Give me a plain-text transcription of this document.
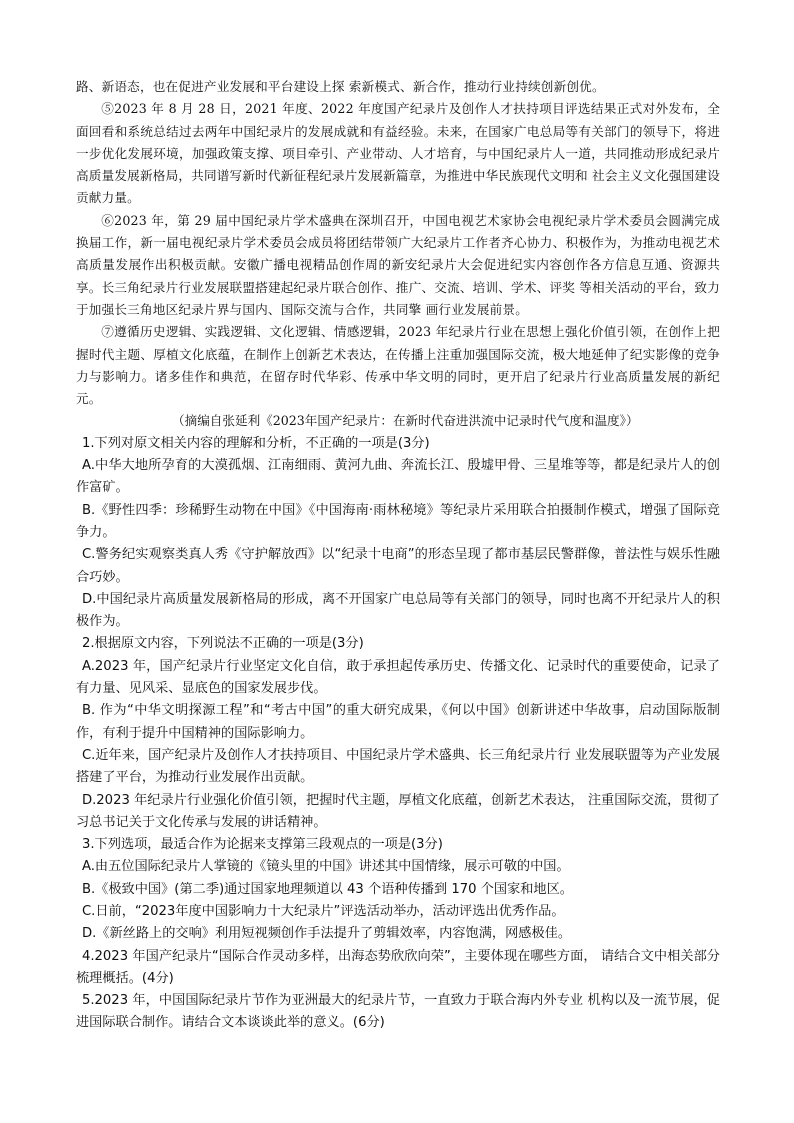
路、新语态，也在促进产业发展和平台建设上探 索新模式、新合作，推动行业持续创新创优。

⑤2023 年 8 月 28 日，2021 年度、2022 年度国产纪录片及创作人才扶持项目评选结果正式对外发布，全面回看和系统总结过去两年中国纪录片的发展成就和有益经验。未来，在国家广电总局等有关部门的领导下，将进一步优化发展环境，加强政策支撑、项目牵引、产业带动、人才培育，与中国纪录片人一道，共同推动形成纪录片高质量发展新格局，共同谱写新时代新征程纪录片发展新篇章，为推进中华民族现代文明和 社会主义文化强国建设贡献力量。

⑥2023 年，第 29 届中国纪录片学术盛典在深圳召开，中国电视艺术家协会电视纪录片学术委员会圆满完成换届工作，新一届电视纪录片学术委员会成员将团结带领广大纪录片工作者齐心协力、积极作为，为推动电视艺术高质量发展作出积极贡献。安徽广播电视精品创作周的新安纪录片大会促进纪实内容创作各方信息互通、资源共享。长三角纪录片行业发展联盟搭建起纪录片联合创作、推广、交流、培训、学术、评奖 等相关活动的平台，致力于加强长三角地区纪录片界与国内、国际交流与合作，共同擎 画行业发展前景。

⑦遵循历史逻辑、实践逻辑、文化逻辑、情感逻辑，2023 年纪录片行业在思想上强化价值引领，在创作上把握时代主题、厚植文化底蕴，在制作上创新艺术表达，在传播上注重加强国际交流，极大地延伸了纪实影像的竞争力与影响力。诸多佳作和典范，在留存时代华彩、传承中华文明的同时，更开启了纪录片行业高质量发展的新纪元。

（摘编自张延利《2023年国产纪录片：在新时代奋进洪流中记录时代气度和温度》）

1.下列对原文相关内容的理解和分析，不正确的一项是(3分)

A.中华大地所孕育的大漠孤烟、江南细雨、黄河九曲、奔流长江、殷墟甲骨、三星堆等等，都是纪录片人的创作富矿。

B.《野性四季：珍稀野生动物在中国》《中国海南·雨林秘境》等纪录片采用联合拍摄制作模式，增强了国际竞争力。

C.警务纪实观察类真人秀《守护解放西》以“纪录十电商”的形态呈现了都市基层民警群像，普法性与娱乐性融合巧妙。

D.中国纪录片高质量发展新格局的形成，离不开国家广电总局等有关部门的领导，同时也离不开纪录片人的积极作为。

2.根据原文内容，下列说法不正确的一项是(3分)

A.2023 年，国产纪录片行业坚定文化自信，敢于承担起传承历史、传播文化、记录时代的重要使命，记录了有力量、见风采、显底色的国家发展步伐。

B. 作为“中华文明探源工程”和“考古中国”的重大研究成果，《何以中国》创新讲述中华故事，启动国际版制作，有利于提升中国精神的国际影响力。

C.近年来，国产纪录片及创作人才扶持项目、中国纪录片学术盛典、长三角纪录片行 业发展联盟等为产业发展搭建了平台，为推动行业发展作出贡献。

D.2023 年纪录片行业强化价值引领，把握时代主题，厚植文化底蕴，创新艺术表达， 注重国际交流，贯彻了习总书记关于文化传承与发展的讲话精神。

3.下列选项，最适合作为论据来支撑第三段观点的一项是(3分)

A.由五位国际纪录片人掌镜的《镜头里的中国》讲述其中国情缘，展示可敬的中国。

B.《极致中国》(第二季)通过国家地理频道以 43 个语种传播到 170 个国家和地区。

C.日前，“2023年度中国影响力十大纪录片”评选活动举办，活动评选出优秀作品。

D.《新丝路上的交响》利用短视频创作手法提升了剪辑效率，内容饱满，网感极佳。

4.2023 年国产纪录片“国际合作灵动多样，出海态势欣欣向荣”，主要体现在哪些方面， 请结合文中相关部分梳理概括。(4分)

5.2023 年，中国国际纪录片节作为亚洲最大的纪录片节，一直致力于联合海内外专业 机构以及一流节展，促进国际联合制作。请结合文本谈谈此举的意义。(6分)
